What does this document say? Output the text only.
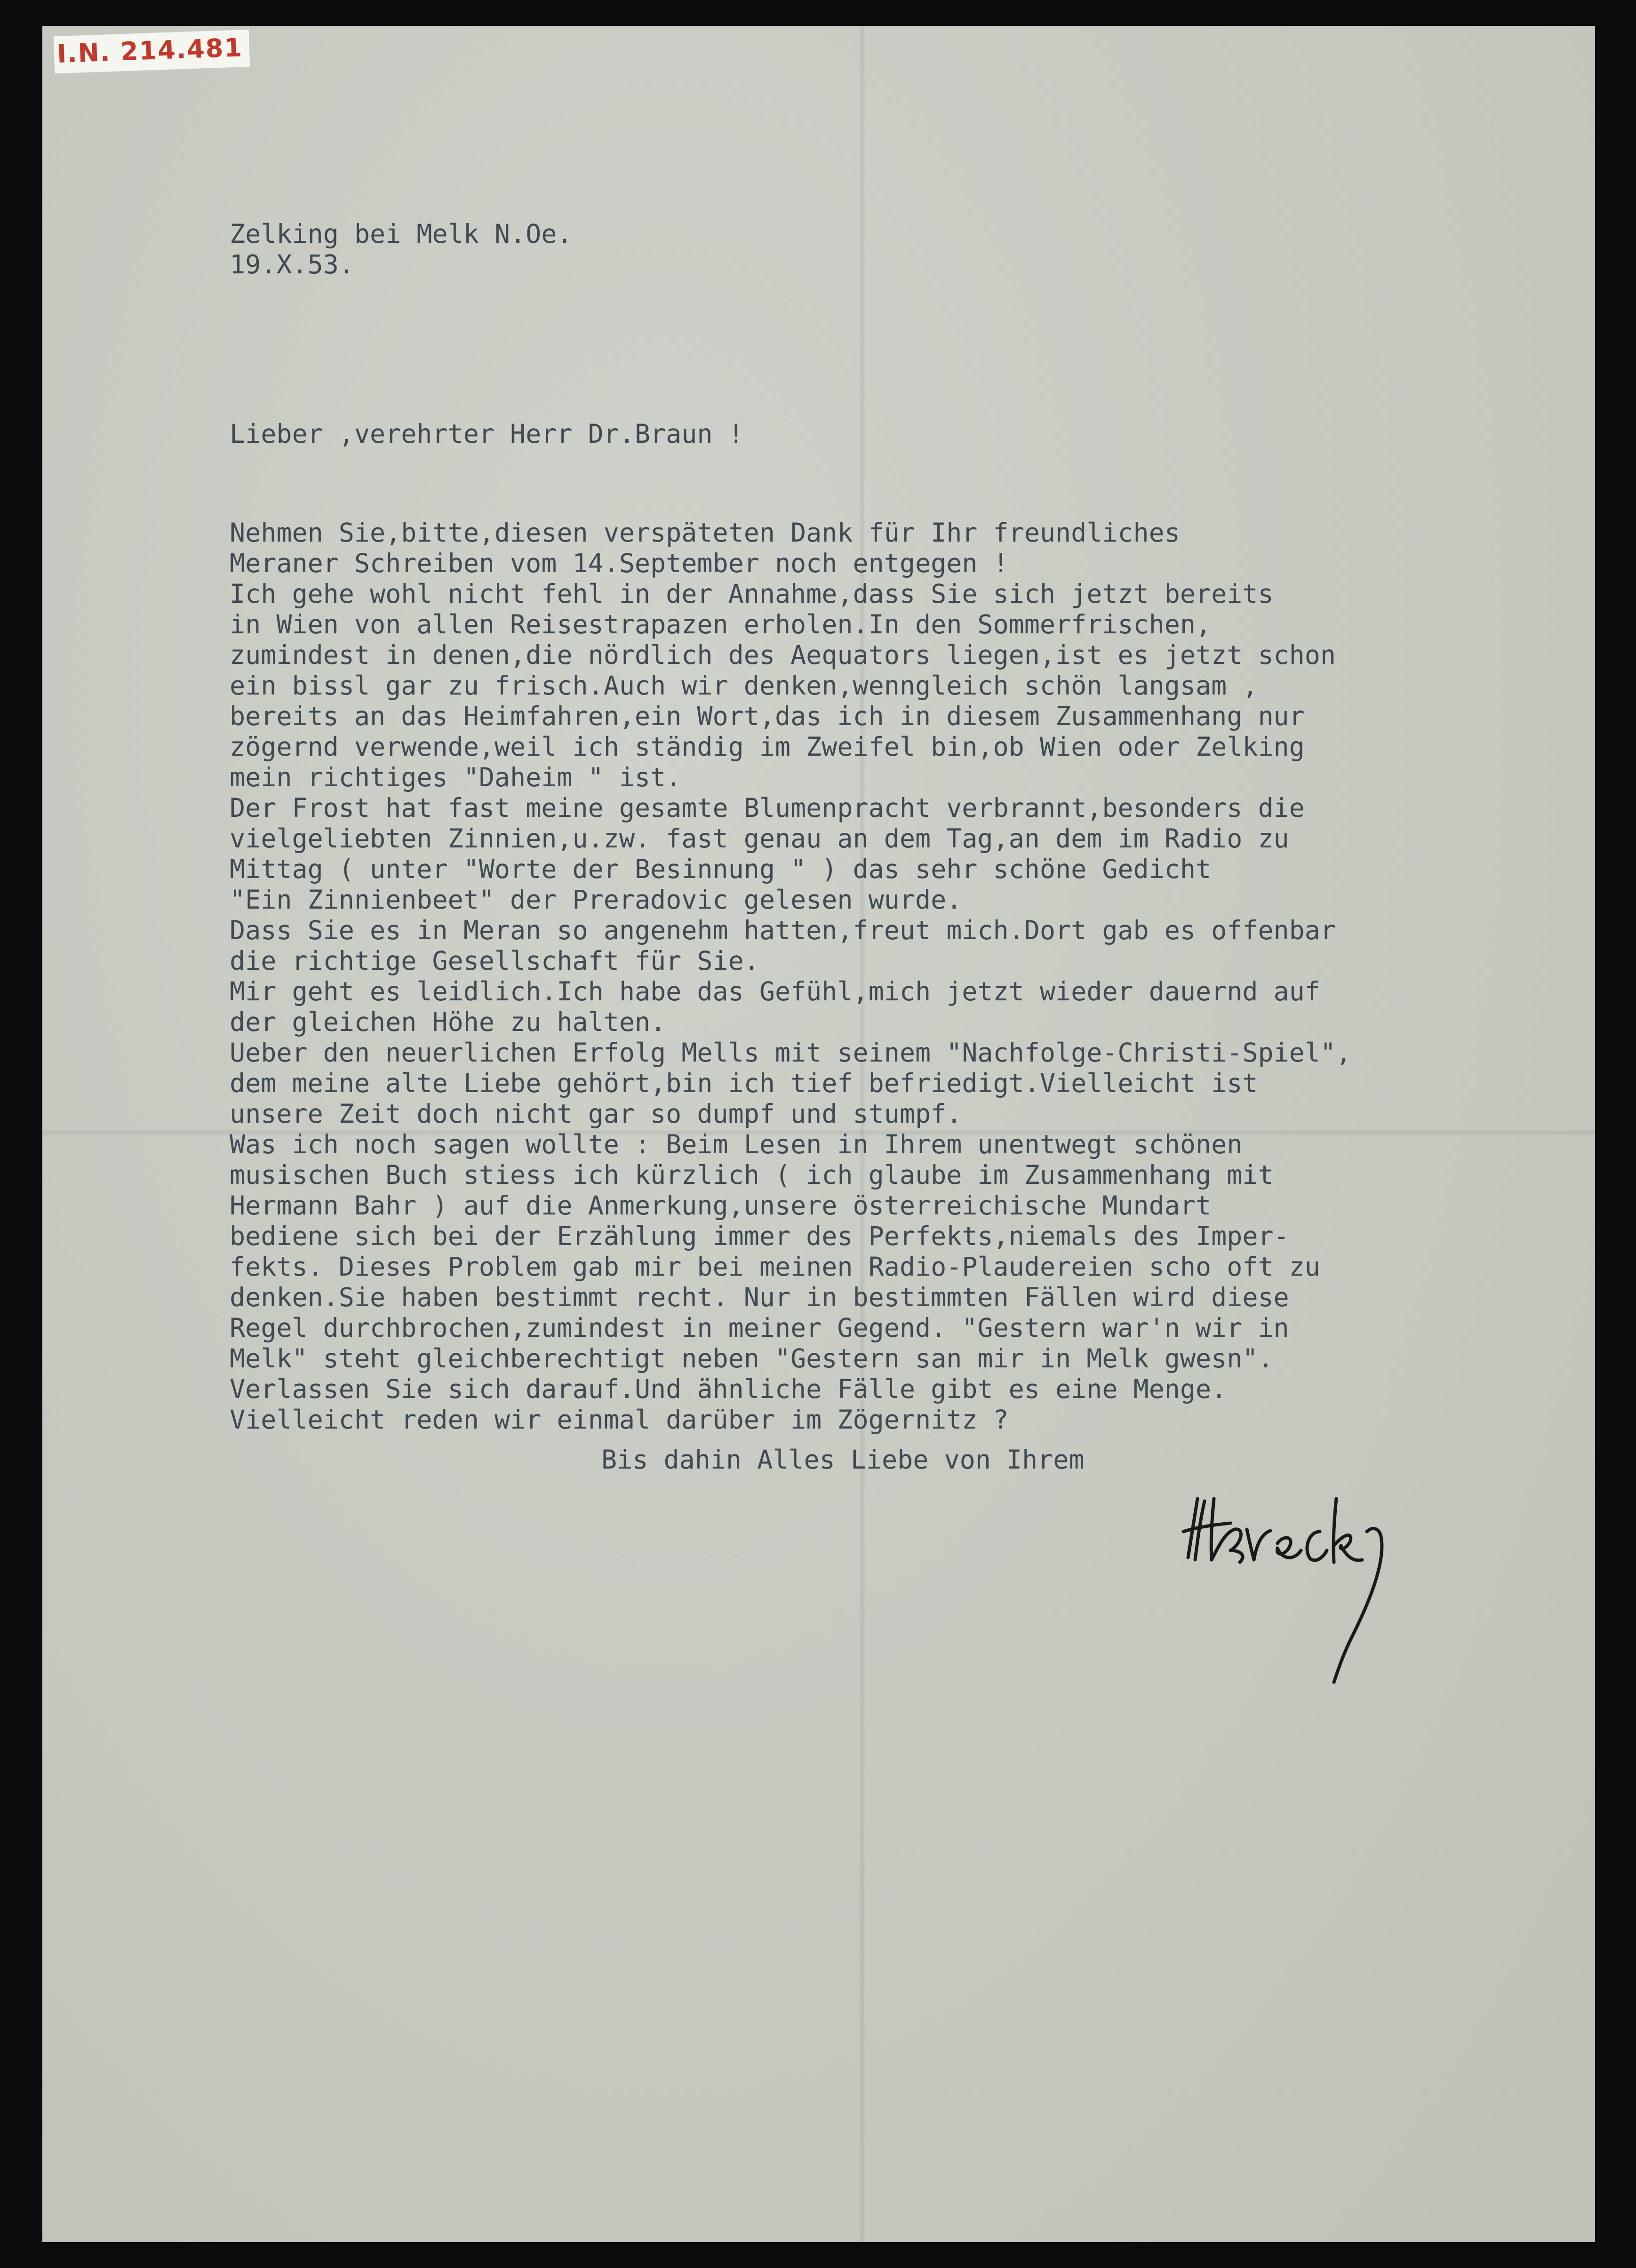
Zelking bei Melk N.Oe.
19.X.53.

Lieber ,verehrter Herr Dr.Braun !

Nehmen Sie,bitte,diesen verspäteten Dank für Ihr freundliches
Meraner Schreiben vom 14.September noch entgegen !
Ich gehe wohl nicht fehl in der Annahme,dass Sie sich jetzt bereits
in Wien von allen Reisestrapazen erholen.In den Sommerfrischen,
zumindest in denen,die nördlich des Aequators liegen,ist es jetzt schon
ein bissl gar zu frisch.Auch wir denken,wenngleich schön langsam ,
bereits an das Heimfahren,ein Wort,das ich in diesem Zusammenhang nur
zögernd verwende,weil ich ständig im Zweifel bin,ob Wien oder Zelking
mein richtiges "Daheim " ist.
Der Frost hat fast meine gesamte Blumenpracht verbrannt,besonders die
vielgeliebten Zinnien,u.zw. fast genau an dem Tag,an dem im Radio zu
Mittag ( unter "Worte der Besinnung " ) das sehr schöne Gedicht
"Ein Zinnienbeet" der Preradovic gelesen wurde.
Dass Sie es in Meran so angenehm hatten,freut mich.Dort gab es offenbar
die richtige Gesellschaft für Sie.
Mir geht es leidlich.Ich habe das Gefühl,mich jetzt wieder dauernd auf
der gleichen Höhe zu halten.
Ueber den neuerlichen Erfolg Mells mit seinem "Nachfolge-Christi-Spiel",
dem meine alte Liebe gehört,bin ich tief befriedigt.Vielleicht ist
unsere Zeit doch nicht gar so dumpf und stumpf.
Was ich noch sagen wollte : Beim Lesen in Ihrem unentwegt schönen
musischen Buch stiess ich kürzlich ( ich glaube im Zusammenhang mit
Hermann Bahr ) auf die Anmerkung,unsere österreichische Mundart
bediene sich bei der Erzählung immer des Perfekts,niemals des Imper-
fekts. Dieses Problem gab mir bei meinen Radio-Plaudereien scho oft zu
denken.Sie haben bestimmt recht. Nur in bestimmten Fällen wird diese
Regel durchbrochen,zumindest in meiner Gegend. "Gestern war'n wir in
Melk" steht gleichberechtigt neben "Gestern san mir in Melk gwesn".
Verlassen Sie sich darauf.Und ähnliche Fälle gibt es eine Menge.
Vielleicht reden wir einmal darüber im Zögernitz ?

Bis dahin Alles Liebe von Ihrem

I.N. 214.481
